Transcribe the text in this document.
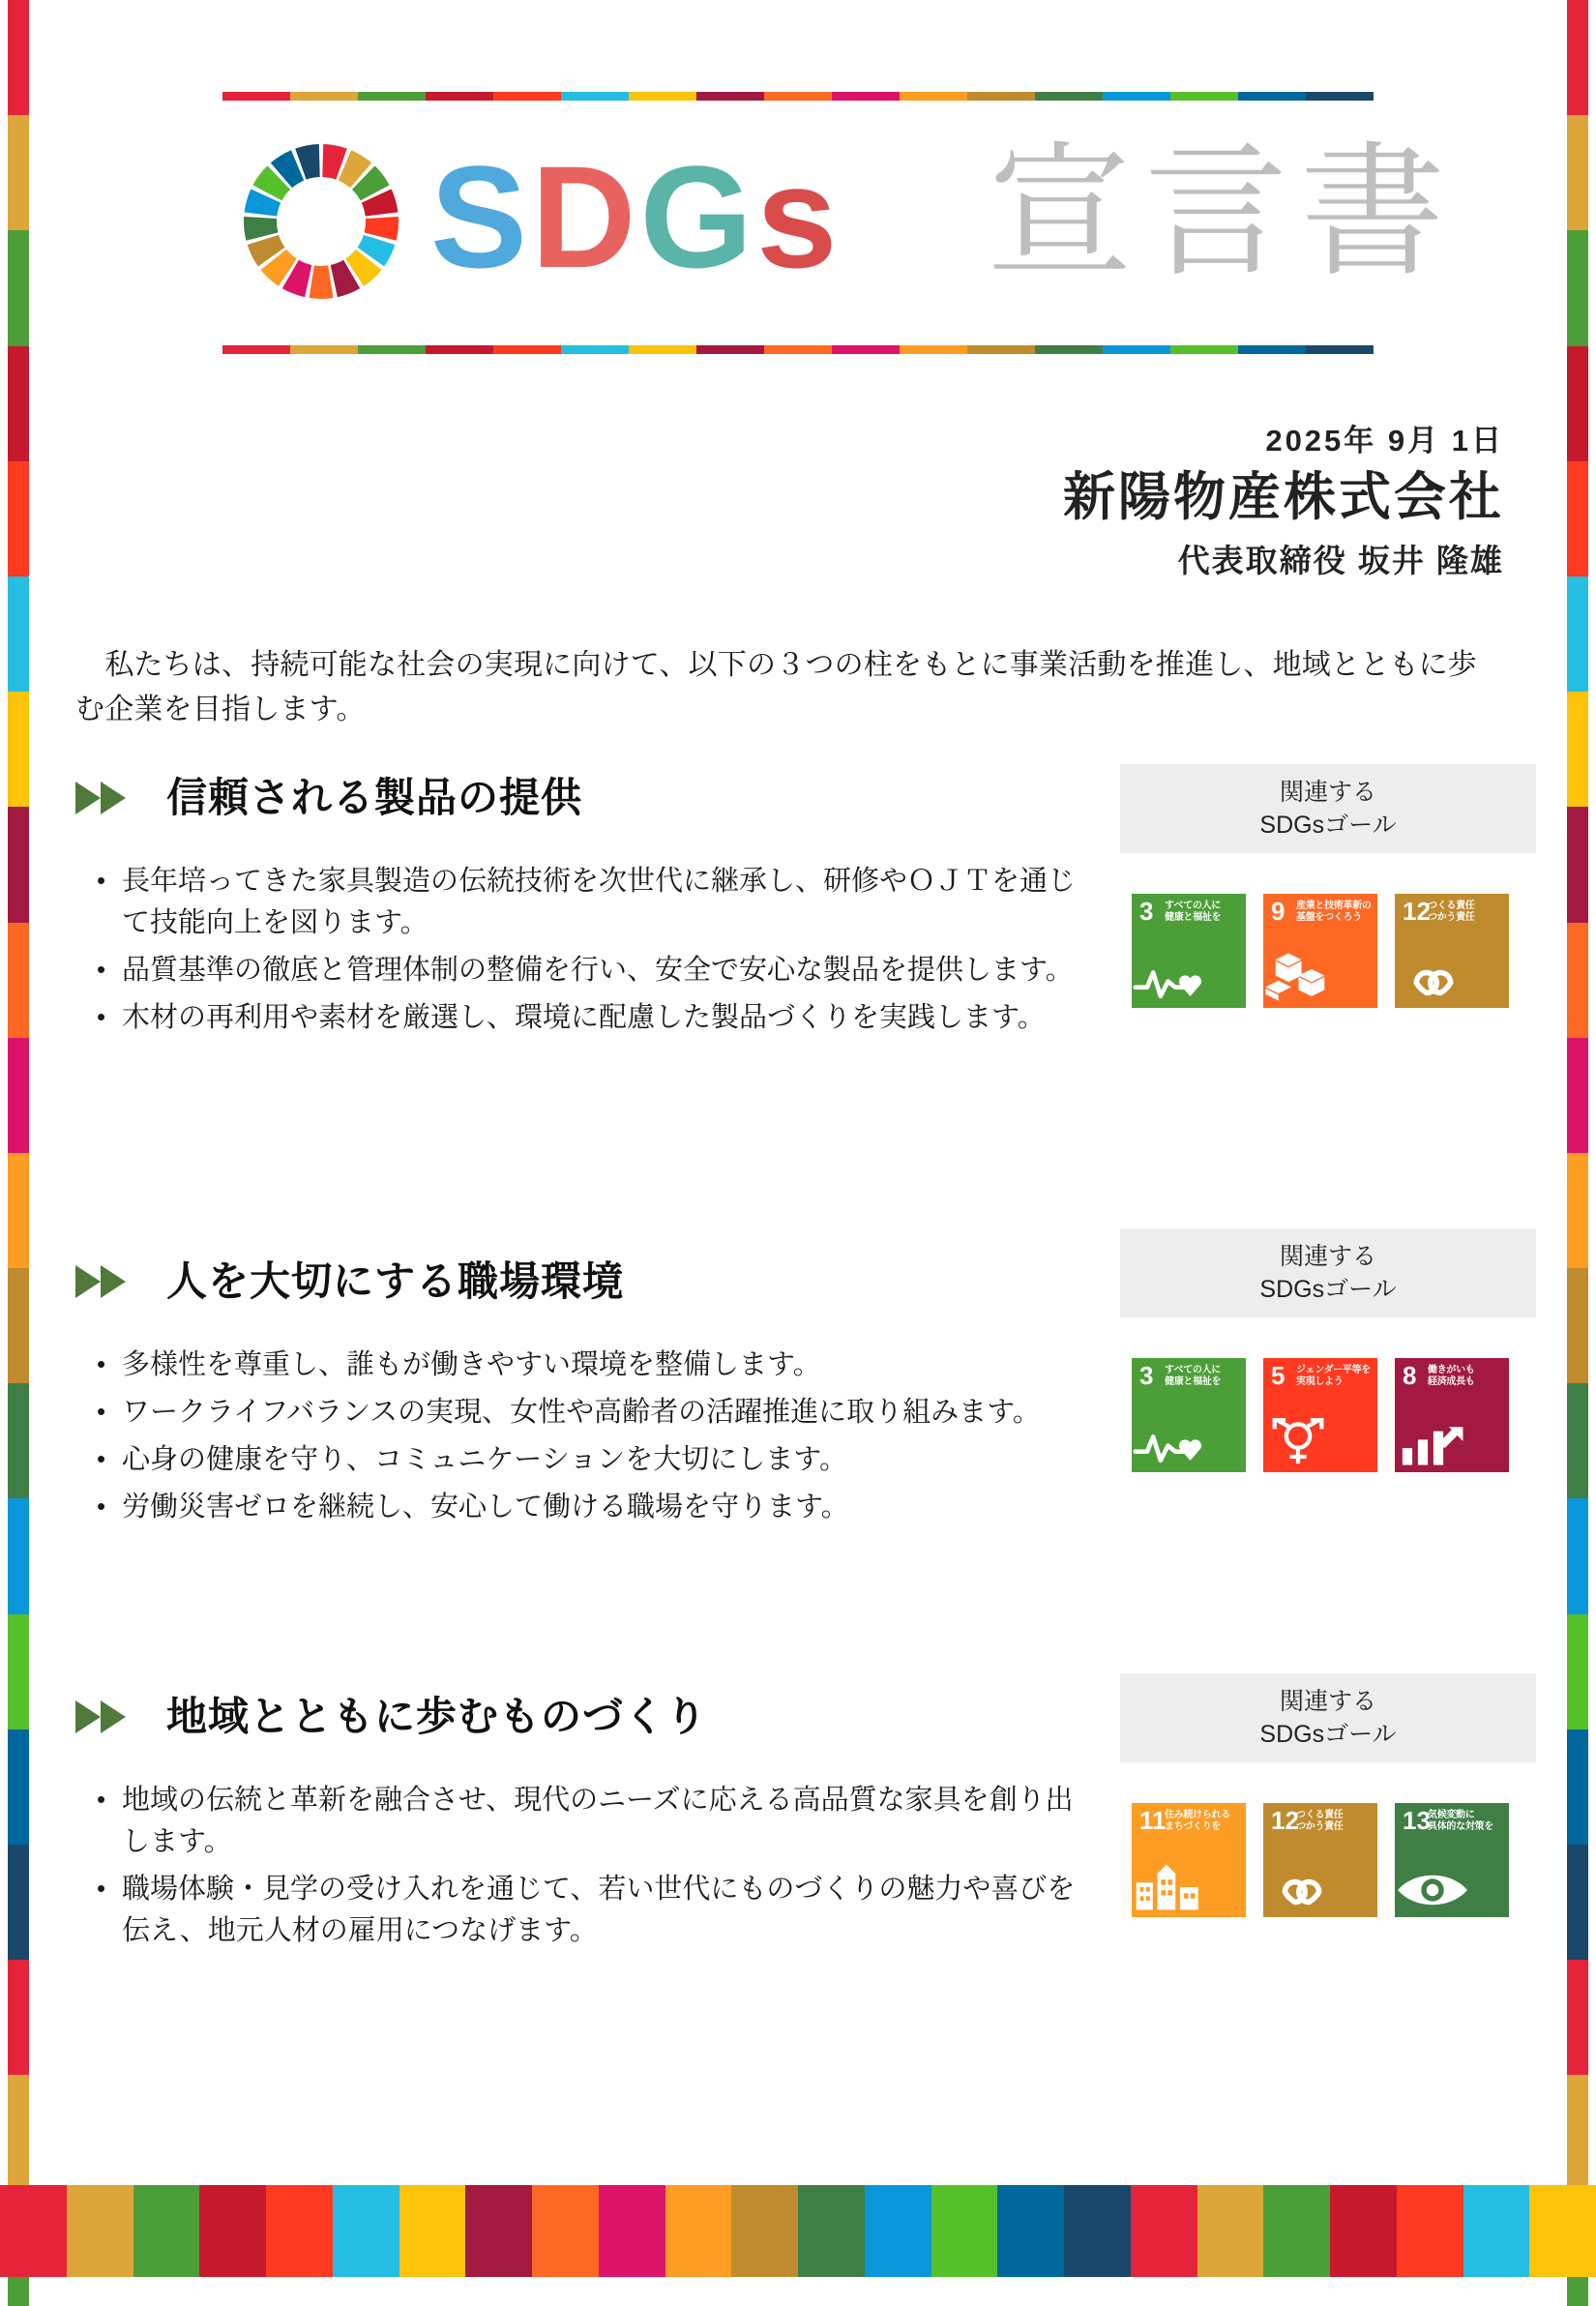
SDGs 宣言書
2025年 9月 1日
新陽物産株式会社
代表取締役 坂井 隆雄
　私たちは、持続可能な社会の実現に向けて、以下の３つの柱をもとに事業活動を推進し、地域とともに歩む企業を目指します。
信頼される製品の提供
• 長年培ってきた家具製造の伝統技術を次世代に継承し、研修やＯＪＴを通じて技能向上を図ります。
• 品質基準の徹底と管理体制の整備を行い、安全で安心な製品を提供します。
• 木材の再利用や素材を厳選し、環境に配慮した製品づくりを実践します。
人を大切にする職場環境
• 多様性を尊重し、誰もが働きやすい環境を整備します。
• ワークライフバランスの実現、女性や高齢者の活躍推進に取り組みます。
• 心身の健康を守り、コミュニケーションを大切にします。
• 労働災害ゼロを継続し、安心して働ける職場を守ります。
地域とともに歩むものづくり
• 地域の伝統と革新を融合させ、現代のニーズに応える高品質な家具を創り出します。
• 職場体験・見学の受け入れを通じて、若い世代にものづくりの魅力や喜びを伝え、地元人材の雇用につなげます。
関連する
SDGsゴール
3 すべての人に
健康と福祉を	9 産業と技術革新の
基盤をつくろう	12
つくる責任
つかう責任
関連する
SDGsゴール
3 すべての人に
健康と福祉を	5 ジェンダー平等を
実現しよう	8 働きがいも
経済成長も
関連する
SDGsゴール
11
住み続けられる
まちづくりを	12
つくる責任
つかう責任	13
気候変動に
具体的な対策を
